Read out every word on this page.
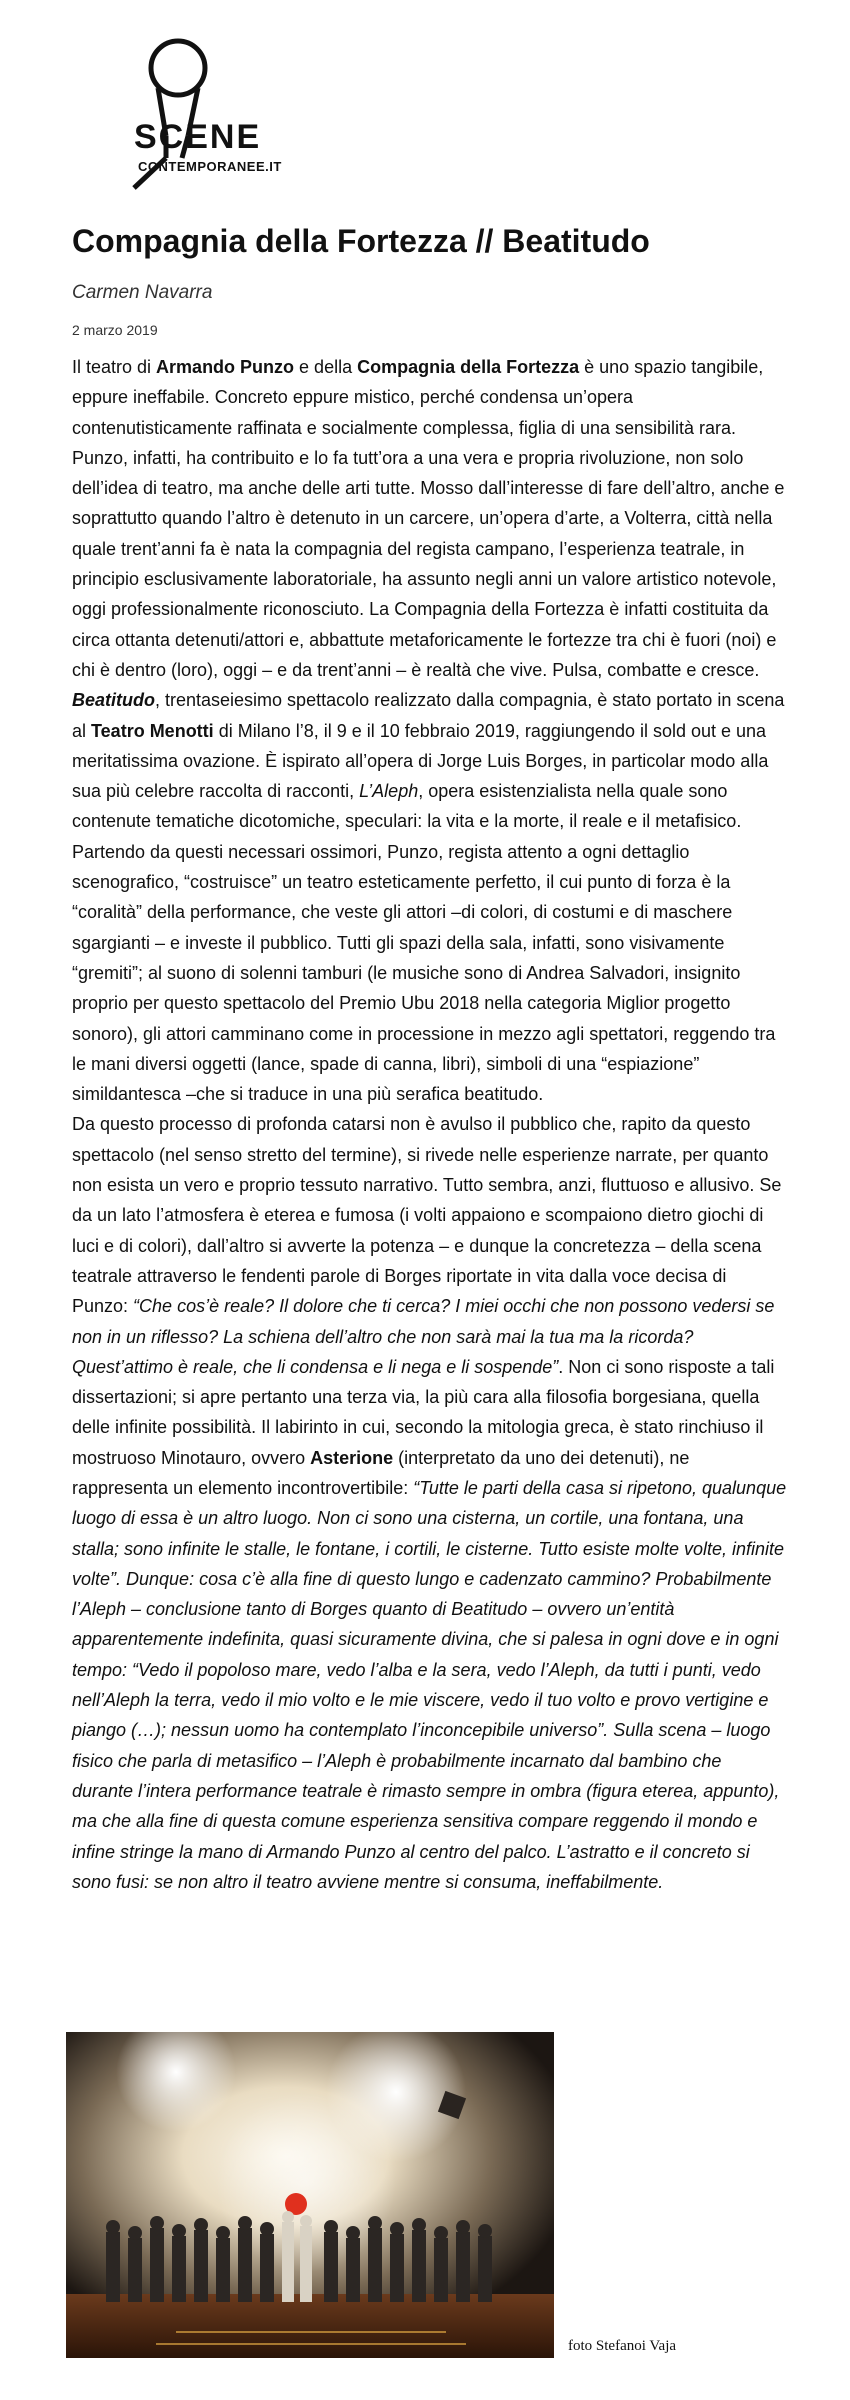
SCENE
CONTEMPORANEE.IT
Compagnia della Fortezza // Beatitudo
Carmen Navarra
2 marzo 2019

Il teatro di Armando Punzo e della Compagnia della Fortezza è uno spazio tangibile, eppure ineffabile. Concreto eppure mistico, perché condensa un’opera contenutisticamente raffinata e socialmente complessa, figlia di una sensibilità rara. Punzo, infatti, ha contribuito e lo fa tutt’ora a una vera e propria rivoluzione, non solo dell’idea di teatro, ma anche delle arti tutte. Mosso dall’interesse di fare dell’altro, anche e soprattutto quando l’altro è detenuto in un carcere, un’opera d’arte, a Volterra, città nella quale trent’anni fa è nata la compagnia del regista campano, l’esperienza teatrale, in principio esclusivamente laboratoriale, ha assunto negli anni un valore artistico notevole, oggi professionalmente riconosciuto. La Compagnia della Fortezza è infatti costituita da circa ottanta detenuti/attori e, abbattute metaforicamente le fortezze tra chi è fuori (noi) e chi è dentro (loro), oggi – e da trent’anni – è realtà che vive. Pulsa, combatte e cresce.

Beatitudo, trentaseiesimo spettacolo realizzato dalla compagnia, è stato portato in scena al Teatro Menotti di Milano l’8, il 9 e il 10 febbraio 2019, raggiungendo il sold out e una meritatissima ovazione. È ispirato all’opera di Jorge Luis Borges, in particolar modo alla sua più celebre raccolta di racconti, L’Aleph, opera esistenzialista nella quale sono contenute tematiche dicotomiche, speculari: la vita e la morte, il reale e il metafisico. Partendo da questi necessari ossimori, Punzo, regista attento a ogni dettaglio scenografico, “costruisce” un teatro esteticamente perfetto, il cui punto di forza è la “coralità” della performance, che veste gli attori –di colori, di costumi e di maschere sgargianti – e investe il pubblico. Tutti gli spazi della sala, infatti, sono visivamente “gremiti”; al suono di solenni tamburi (le musiche sono di Andrea Salvadori, insignito proprio per questo spettacolo del Premio Ubu 2018 nella categoria Miglior progetto sonoro), gli attori camminano come in processione in mezzo agli spettatori, reggendo tra le mani diversi oggetti (lance, spade di canna, libri), simboli di una “espiazione” simildantesca –che si traduce in una più serafica beatitudo.

Da questo processo di profonda catarsi non è avulso il pubblico che, rapito da questo spettacolo (nel senso stretto del termine), si rivede nelle esperienze narrate, per quanto non esista un vero e proprio tessuto narrativo. Tutto sembra, anzi, fluttuoso e allusivo. Se da un lato l’atmosfera è eterea e fumosa (i volti appaiono e scompaiono dietro giochi di luci e di colori), dall’altro si avverte la potenza – e dunque la concretezza – della scena teatrale attraverso le fendenti parole di Borges riportate in vita dalla voce decisa di Punzo: “Che cos’è reale? Il dolore che ti cerca? I miei occhi che non possono vedersi se non in un riflesso? La schiena dell’altro che non sarà mai la tua ma la ricorda? Quest’attimo è reale, che li condensa e li nega e li sospende”. Non ci sono risposte a tali dissertazioni; si apre pertanto una terza via, la più cara alla filosofia borgesiana, quella delle infinite possibilità. Il labirinto in cui, secondo la mitologia greca, è stato rinchiuso il mostruoso Minotauro, ovvero Asterione (interpretato da uno dei detenuti), ne rappresenta un elemento incontrovertibile: “Tutte le parti della casa si ripetono, qualunque luogo di essa è un altro luogo. Non ci sono una cisterna, un cortile, una fontana, una stalla; sono infinite le stalle, le fontane, i cortili, le cisterne. Tutto esiste molte volte, infinite volte”. Dunque: cosa c’è alla fine di questo lungo e cadenzato cammino? Probabilmente l’Aleph – conclusione tanto di Borges quanto di Beatitudo – ovvero un’entità apparentemente indefinita, quasi sicuramente divina, che si palesa in ogni dove e in ogni tempo: “Vedo il popoloso mare, vedo l’alba e la sera, vedo l’Aleph, da tutti i punti, vedo nell’Aleph la terra, vedo il mio volto e le mie viscere, vedo il tuo volto e provo vertigine e piango (…); nessun uomo ha contemplato l’inconcepibile universo”. Sulla scena – luogo fisico che parla di metasifico – l’Aleph è probabilmente incarnato dal bambino che durante l’intera performance teatrale è rimasto sempre in ombra (figura eterea, appunto), ma che alla fine di questa comune esperienza sensitiva compare reggendo il mondo e infine stringe la mano di Armando Punzo al centro del palco. L’astratto e il concreto si sono fusi: se non altro il teatro avviene mentre si consuma, ineffabilmente.

foto Stefanoi Vaja
